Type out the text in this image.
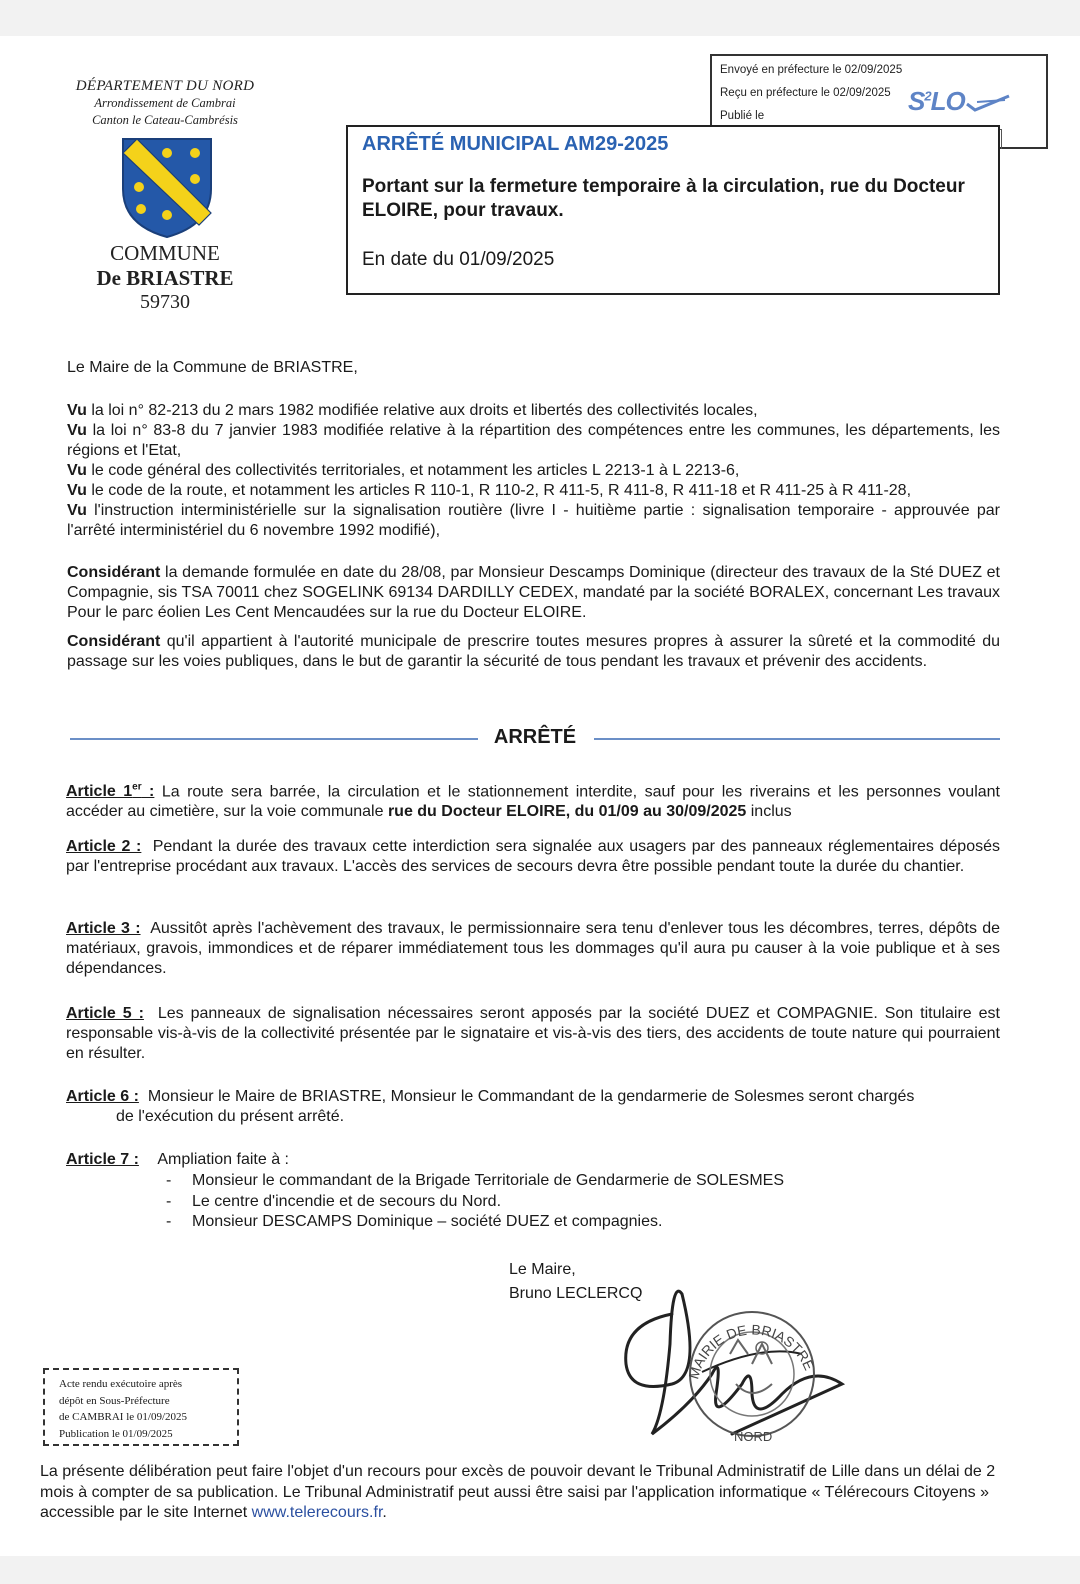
DÉPARTEMENT DU NORD
Arrondissement de Cambrai
Canton le Cateau-Cambrésis
COMMUNE
De BRIASTRE
59730
Envoyé en préfecture le 02/09/2025
Reçu en préfecture le 02/09/2025
Publié le	$S^2LO$
ARRÊTÉ MUNICIPAL AM29-2025
Portant sur la fermeture temporaire à la circulation, rue du Docteur ELOIRE, pour travaux.
En date du 01/09/2025
Le Maire de la Commune de BRIASTRE,
Vu la loi n° 82-213 du 2 mars 1982 modifiée relative aux droits et libertés des collectivités locales,
Vu la loi n° 83-8 du 7 janvier 1983 modifiée relative à la répartition des compétences entre les communes, les départements, les régions et l'Etat,
Vu le code général des collectivités territoriales, et notamment les articles L 2213-1 à L 2213-6,
Vu le code de la route, et notamment les articles R 110-1, R 110-2, R 411-5, R 411-8, R 411-18 et R 411-25 à R 411-28,
Vu l'instruction interministérielle sur la signalisation routière (livre I - huitième partie : signalisation temporaire - approuvée par l'arrêté interministériel du 6 novembre 1992 modifié),
Considérant la demande formulée en date du 28/08, par Monsieur Descamps Dominique (directeur des travaux de la Sté DUEZ et Compagnie, sis TSA 70011 chez SOGELINK 69134 DARDILLY CEDEX, mandaté par la société BORALEX, concernant Les travaux Pour le parc éolien Les Cent Mencaudées sur la rue du Docteur ELOIRE.
Considérant qu'il appartient à l'autorité municipale de prescrire toutes mesures propres à assurer la sûreté et la commodité du passage sur les voies publiques, dans le but de garantir la sécurité de tous pendant les travaux et prévenir des accidents.
ARRÊTÉ
Article 1er : La route sera barrée, la circulation et le stationnement interdite, sauf pour les riverains et les personnes voulant accéder au cimetière, sur la voie communale rue du Docteur ELOIRE, du 01/09 au 30/09/2025 inclus
Article 2 : Pendant la durée des travaux cette interdiction sera signalée aux usagers par des panneaux réglementaires déposés par l'entreprise procédant aux travaux. L'accès des services de secours devra être possible pendant toute la durée du chantier.
Article 3 : Aussitôt après l'achèvement des travaux, le permissionnaire sera tenu d'enlever tous les décombres, terres, dépôts de matériaux, gravois, immondices et de réparer immédiatement tous les dommages qu'il aura pu causer à la voie publique et à ses dépendances.
Article 5 : Les panneaux de signalisation nécessaires seront apposés par la société DUEZ et COMPAGNIE. Son titulaire est responsable vis-à-vis de la collectivité présentée par le signataire et vis-à-vis des tiers, des accidents de toute nature qui pourraient en résulter.
Article 6 : Monsieur le Maire de BRIASTRE, Monsieur le Commandant de la gendarmerie de Solesmes seront chargés
de l'exécution du présent arrêté.
Article 7 : Ampliation faite à :
- Monsieur le commandant de la Brigade Territoriale de Gendarmerie de SOLESMES
- Le centre d'incendie et de secours du Nord.
- Monsieur DESCAMPS Dominique – société DUEZ et compagnies.
Le Maire,
Bruno LECLERCQ
MAIRIE DE BRIASTRE
NORD
Acte rendu exécutoire après
dépôt en Sous-Préfecture
de CAMBRAI le 01/09/2025
Publication le 01/09/2025
La présente délibération peut faire l'objet d'un recours pour excès de pouvoir devant le Tribunal Administratif de Lille dans un délai de 2 mois à compter de sa publication. Le Tribunal Administratif peut aussi être saisi par l'application informatique « Télérecours Citoyens » accessible par le site Internet www.telerecours.fr.
